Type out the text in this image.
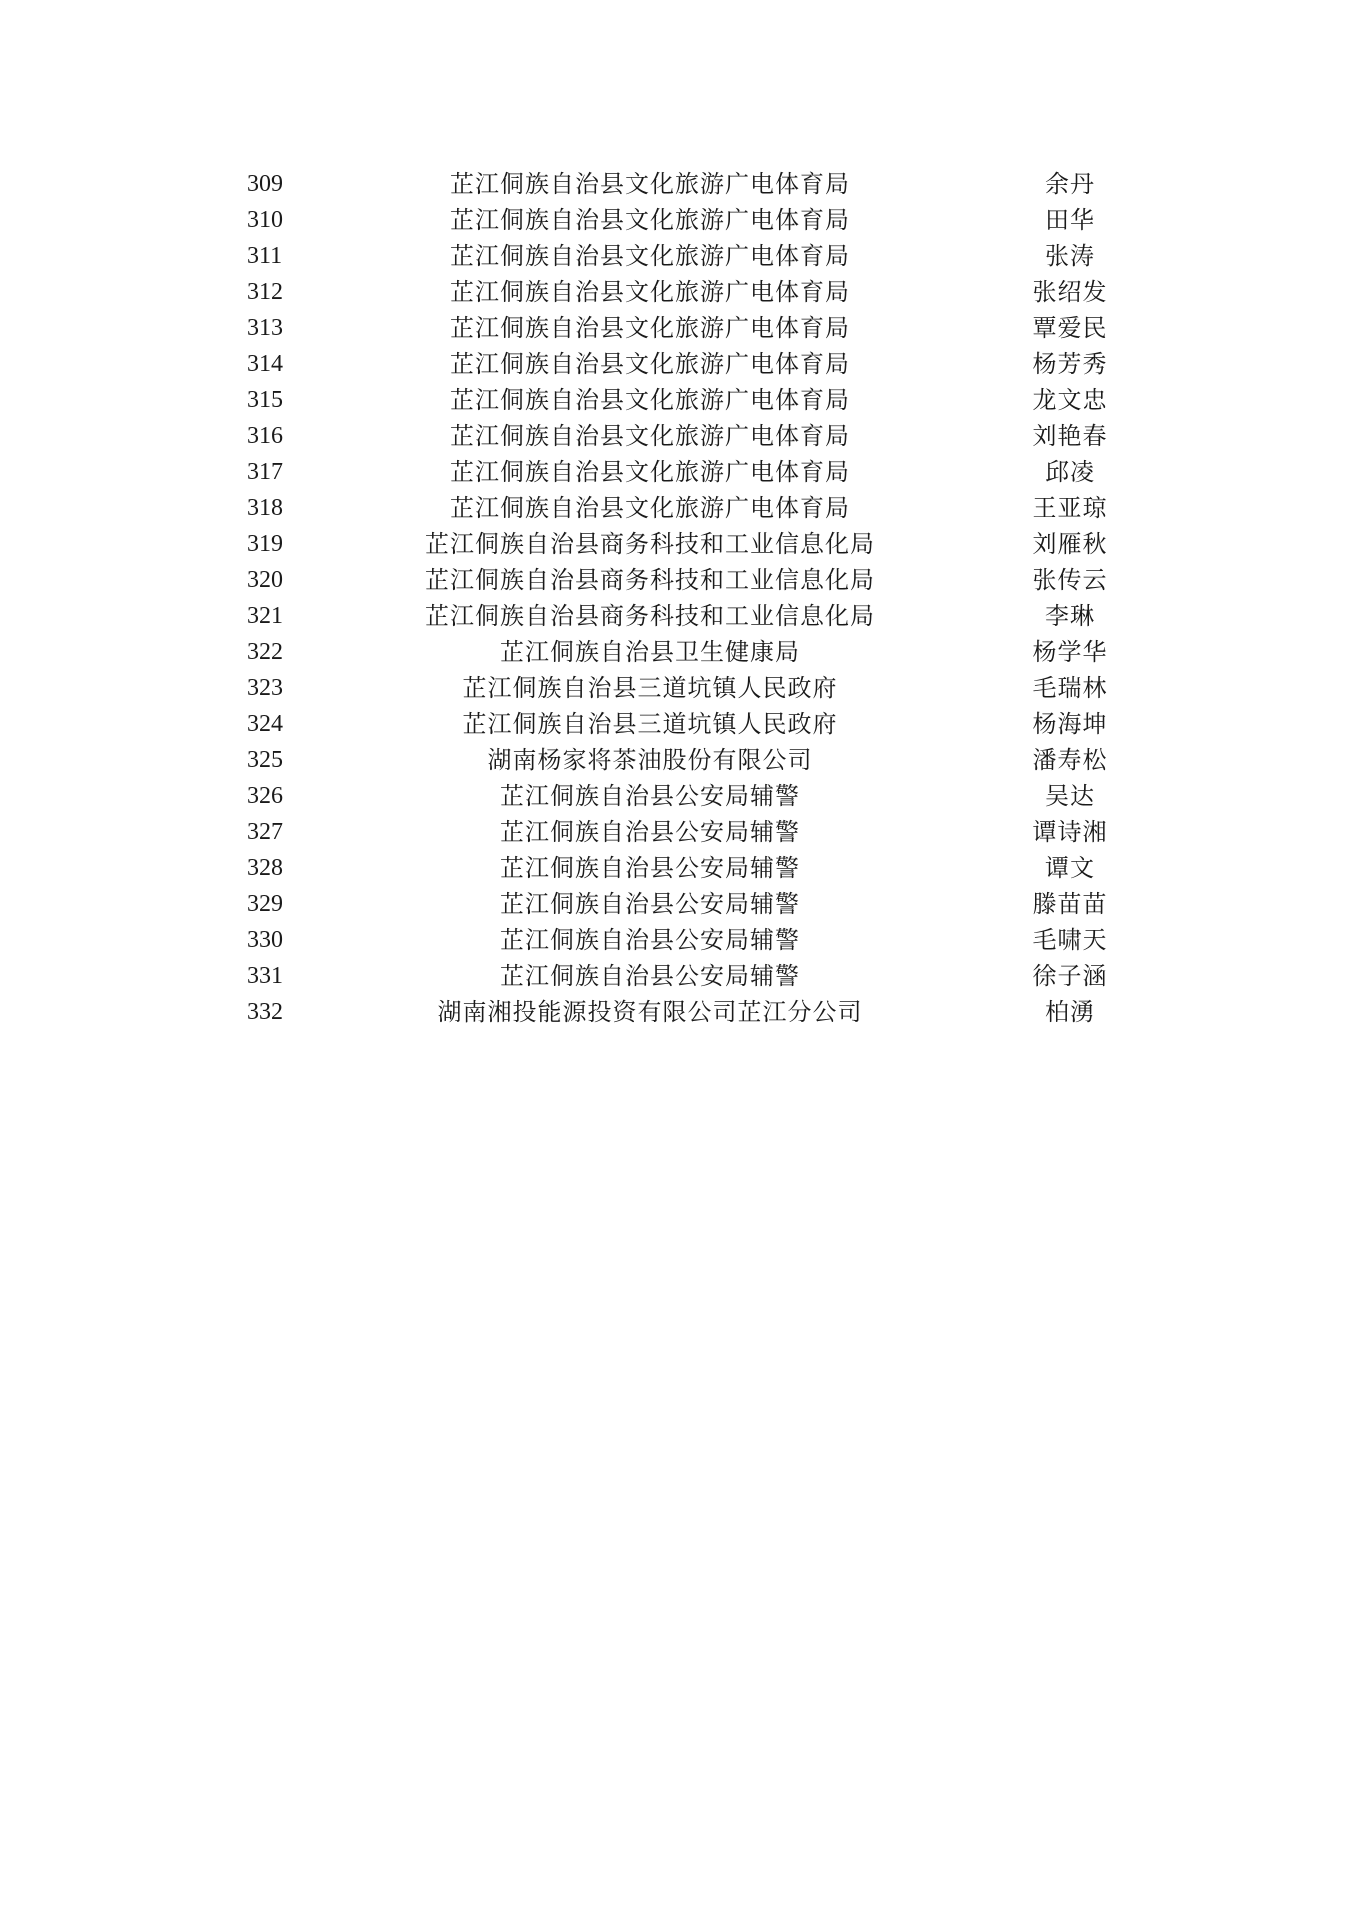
309	芷江侗族自治县文化旅游广电体育局	余丹
310	芷江侗族自治县文化旅游广电体育局	田华
311	芷江侗族自治县文化旅游广电体育局	张涛
312	芷江侗族自治县文化旅游广电体育局	张绍发
313	芷江侗族自治县文化旅游广电体育局	覃爱民
314	芷江侗族自治县文化旅游广电体育局	杨芳秀
315	芷江侗族自治县文化旅游广电体育局	龙文忠
316	芷江侗族自治县文化旅游广电体育局	刘艳春
317	芷江侗族自治县文化旅游广电体育局	邱凌
318	芷江侗族自治县文化旅游广电体育局	王亚琼
319	芷江侗族自治县商务科技和工业信息化局	刘雁秋
320	芷江侗族自治县商务科技和工业信息化局	张传云
321	芷江侗族自治县商务科技和工业信息化局	李琳
322	芷江侗族自治县卫生健康局	杨学华
323	芷江侗族自治县三道坑镇人民政府	毛瑞林
324	芷江侗族自治县三道坑镇人民政府	杨海坤
325	湖南杨家将茶油股份有限公司	潘寿松
326	芷江侗族自治县公安局辅警	吴达
327	芷江侗族自治县公安局辅警	谭诗湘
328	芷江侗族自治县公安局辅警	谭文
329	芷江侗族自治县公安局辅警	滕苗苗
330	芷江侗族自治县公安局辅警	毛啸天
331	芷江侗族自治县公安局辅警	徐子涵
332	湖南湘投能源投资有限公司芷江分公司	柏湧
